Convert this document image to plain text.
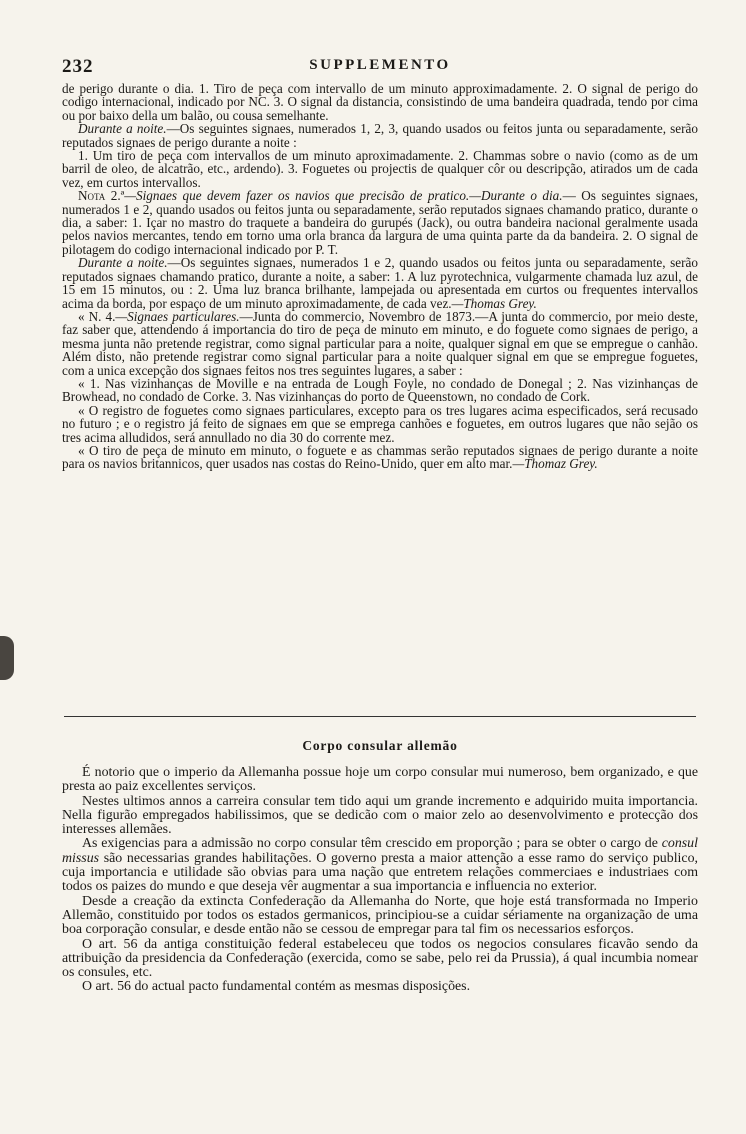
232	SUPPLEMENTO

de perigo durante o dia. 1. Tiro de peça com intervallo de um minuto approximadamente. 2. O signal de perigo do codigo internacional, indicado por NC. 3. O signal da distancia, consistindo de uma bandeira quadrada, tendo por cima ou por baixo della um balão, ou cousa semelhante.

Durante a noite.—Os seguintes signaes, numerados 1, 2, 3, quando usados ou feitos junta ou separadamente, serão reputados signaes de perigo durante a noite :

1. Um tiro de peça com intervallos de um minuto aproximadamente. 2. Chammas sobre o navio (como as de um barril de oleo, de alcatrão, etc., ardendo). 3. Foguetes ou projectis de qualquer côr ou descripção, atirados um de cada vez, em curtos intervallos.

Nota 2.ª—Signaes que devem fazer os navios que precisão de pratico.—Durante o dia.— Os seguintes signaes, numerados 1 e 2, quando usados ou feitos junta ou separadamente, serão reputados signaes chamando pratico, durante o dia, a saber: 1. Içar no mastro do traquete a bandeira do gurupés (Jack), ou outra bandeira nacional geralmente usada pelos navios mercantes, tendo em torno uma orla branca da largura de uma quinta parte da da bandeira. 2. O signal de pilotagem do codigo internacional indicado por P. T.

Durante a noite.—Os seguintes signaes, numerados 1 e 2, quando usados ou feitos junta ou separadamente, serão reputados signaes chamando pratico, durante a noite, a saber: 1. A luz pyrotechnica, vulgarmente chamada luz azul, de 15 em 15 minutos, ou : 2. Uma luz branca brilhante, lampejada ou apresentada em curtos ou frequentes intervallos acima da borda, por espaço de um minuto aproximadamente, de cada vez.—Thomas Grey.

« N. 4.—Signaes particulares.—Junta do commercio, Novembro de 1873.—A junta do commercio, por meio deste, faz saber que, attendendo á importancia do tiro de peça de minuto em minuto, e do foguete como signaes de perigo, a mesma junta não pretende registrar, como signal particular para a noite, qualquer signal em que se empregue o canhão. Além disto, não pretende registrar como signal particular para a noite qualquer signal em que se empregue foguetes, com a unica excepção dos signaes feitos nos tres seguintes lugares, a saber :

« 1. Nas vizinhanças de Moville e na entrada de Lough Foyle, no condado de Donegal ; 2. Nas vizinhanças de Browhead, no condado de Corke. 3. Nas vizinhanças do porto de Queenstown, no condado de Cork.

« O registro de foguetes como signaes particulares, excepto para os tres lugares acima especificados, será recusado no futuro ; e o registro já feito de signaes em que se emprega canhões e foguetes, em outros lugares que não sejão os tres acima alludidos, será annullado no dia 30 do corrente mez.

« O tiro de peça de minuto em minuto, o foguete e as chammas serão reputados signaes de perigo durante a noite para os navios britannicos, quer usados nas costas do Reino-Unido, quer em alto mar.—Thomaz Grey.

Corpo consular allemão

É notorio que o imperio da Allemanha possue hoje um corpo consular mui numeroso, bem organizado, e que presta ao paiz excellentes serviços.

Nestes ultimos annos a carreira consular tem tido aqui um grande incremento e adquirido muita importancia. Nella figurão empregados habilissimos, que se dedicão com o maior zelo ao desenvolvimento e protecção dos interesses allemães.

As exigencias para a admissão no corpo consular têm crescido em proporção ; para se obter o cargo de consul missus são necessarias grandes habilitações. O governo presta a maior attenção a esse ramo do serviço publico, cuja importancia e utilidade são obvias para uma nação que entretem relações commerciaes e industriaes com todos os paizes do mundo e que deseja vêr augmentar a sua importancia e influencia no exterior.

Desde a creação da extincta Confederação da Allemanha do Norte, que hoje está transformada no Imperio Allemão, constituido por todos os estados germanicos, principiou-se a cuidar sériamente na organização de uma boa corporação consular, e desde então não se cessou de empregar para tal fim os necessarios esforços.

O art. 56 da antiga constituição federal estabeleceu que todos os negocios consulares ficavão sendo da attribuição da presidencia da Confederação (exercida, como se sabe, pelo rei da Prussia), á qual incumbia nomear os consules, etc.

O art. 56 do actual pacto fundamental contém as mesmas disposições.
